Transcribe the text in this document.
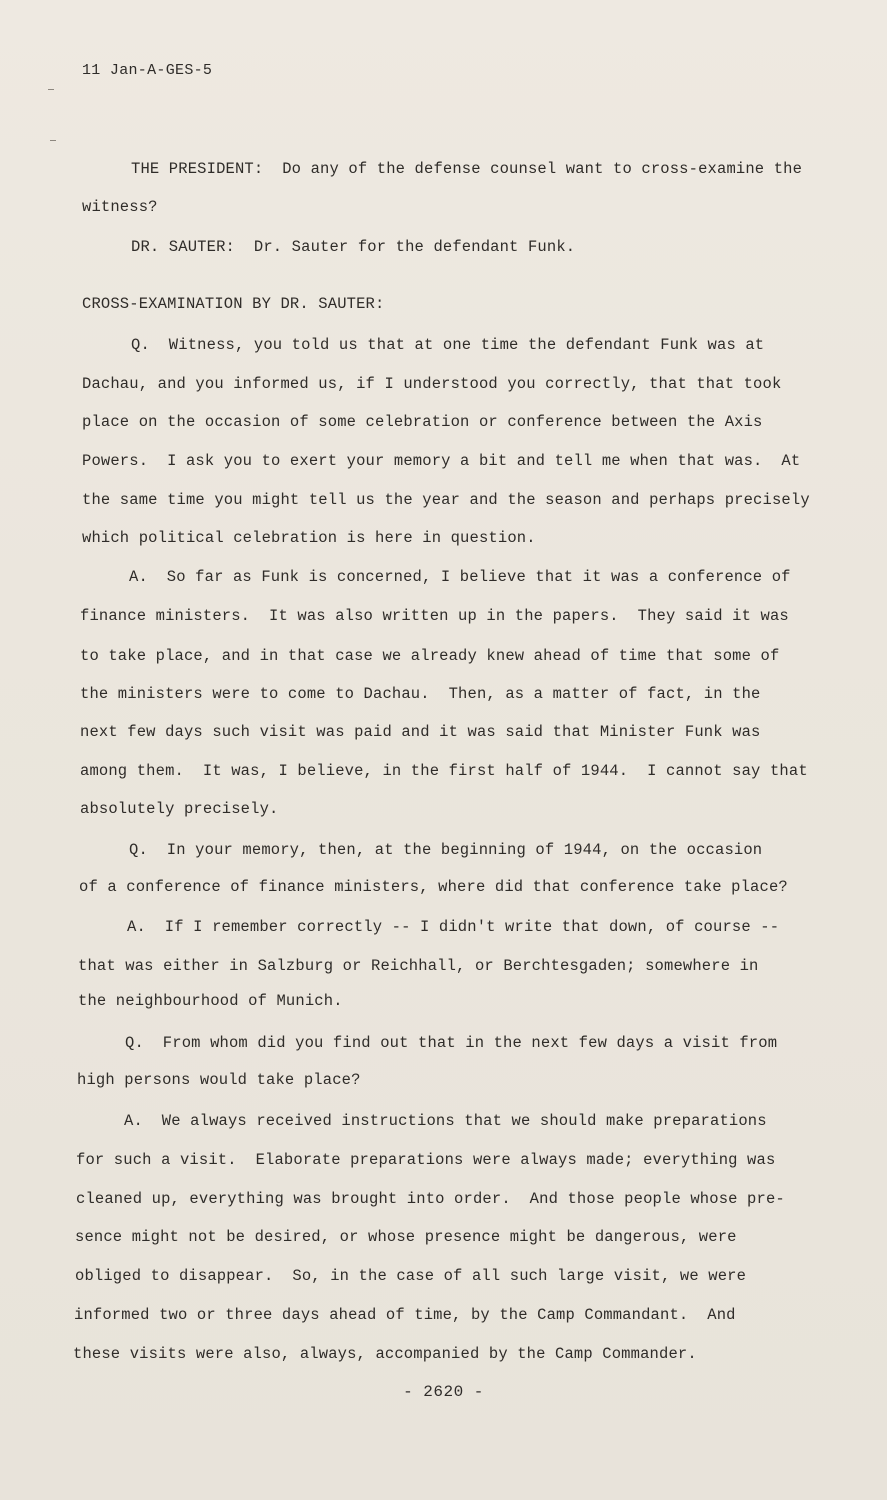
11 Jan-A-GES-5
THE PRESIDENT:  Do any of the defense counsel want to cross-examine the
witness?
DR. SAUTER:  Dr. Sauter for the defendant Funk.
CROSS-EXAMINATION BY DR. SAUTER:
Q.  Witness, you told us that at one time the defendant Funk was at
Dachau, and you informed us, if I understood you correctly, that that took
place on the occasion of some celebration or conference between the Axis
Powers.  I ask you to exert your memory a bit and tell me when that was.  At
the same time you might tell us the year and the season and perhaps precisely
which political celebration is here in question.
A.  So far as Funk is concerned, I believe that it was a conference of
finance ministers.  It was also written up in the papers.  They said it was
to take place, and in that case we already knew ahead of time that some of
the ministers were to come to Dachau.  Then, as a matter of fact, in the
next few days such visit was paid and it was said that Minister Funk was
among them.  It was, I believe, in the first half of 1944.  I cannot say that
absolutely precisely.
Q.  In your memory, then, at the beginning of 1944, on the occasion
of a conference of finance ministers, where did that conference take place?
A.  If I remember correctly -- I didn't write that down, of course --
that was either in Salzburg or Reichhall, or Berchtesgaden; somewhere in
the neighbourhood of Munich.
Q.  From whom did you find out that in the next few days a visit from
high persons would take place?
A.  We always received instructions that we should make preparations
for such a visit.  Elaborate preparations were always made; everything was
cleaned up, everything was brought into order.  And those people whose pre-
sence might not be desired, or whose presence might be dangerous, were
obliged to disappear.  So, in the case of all such large visit, we were
informed two or three days ahead of time, by the Camp Commandant.  And
these visits were also, always, accompanied by the Camp Commander.
- 2620 -
